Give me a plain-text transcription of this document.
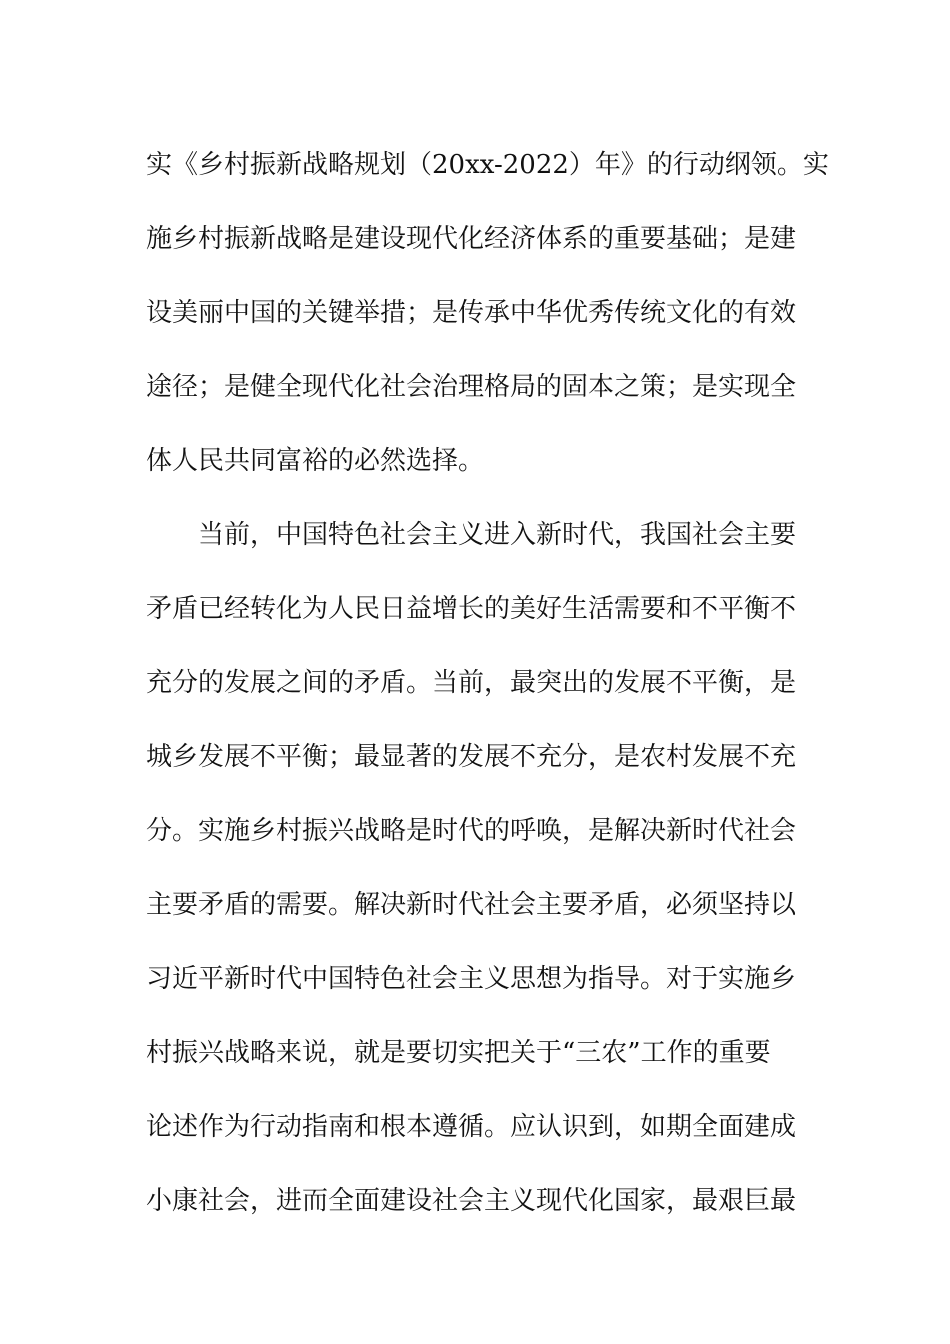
实《乡村振新战略规划（20xx-2022）年》的行动纲领。实
施乡村振新战略是建设现代化经济体系的重要基础；是建
设美丽中国的关键举措；是传承中华优秀传统文化的有效
途径；是健全现代化社会治理格局的固本之策；是实现全
体人民共同富裕的必然选择。
当前，中国特色社会主义进入新时代，我国社会主要
矛盾已经转化为人民日益增长的美好生活需要和不平衡不
充分的发展之间的矛盾。当前，最突出的发展不平衡，是
城乡发展不平衡；最显著的发展不充分，是农村发展不充
分。实施乡村振兴战略是时代的呼唤，是解决新时代社会
主要矛盾的需要。解决新时代社会主要矛盾，必须坚持以
习近平新时代中国特色社会主义思想为指导。对于实施乡
村振兴战略来说，就是要切实把关于“三农”工作的重要
论述作为行动指南和根本遵循。应认识到，如期全面建成
小康社会，进而全面建设社会主义现代化国家，最艰巨最
